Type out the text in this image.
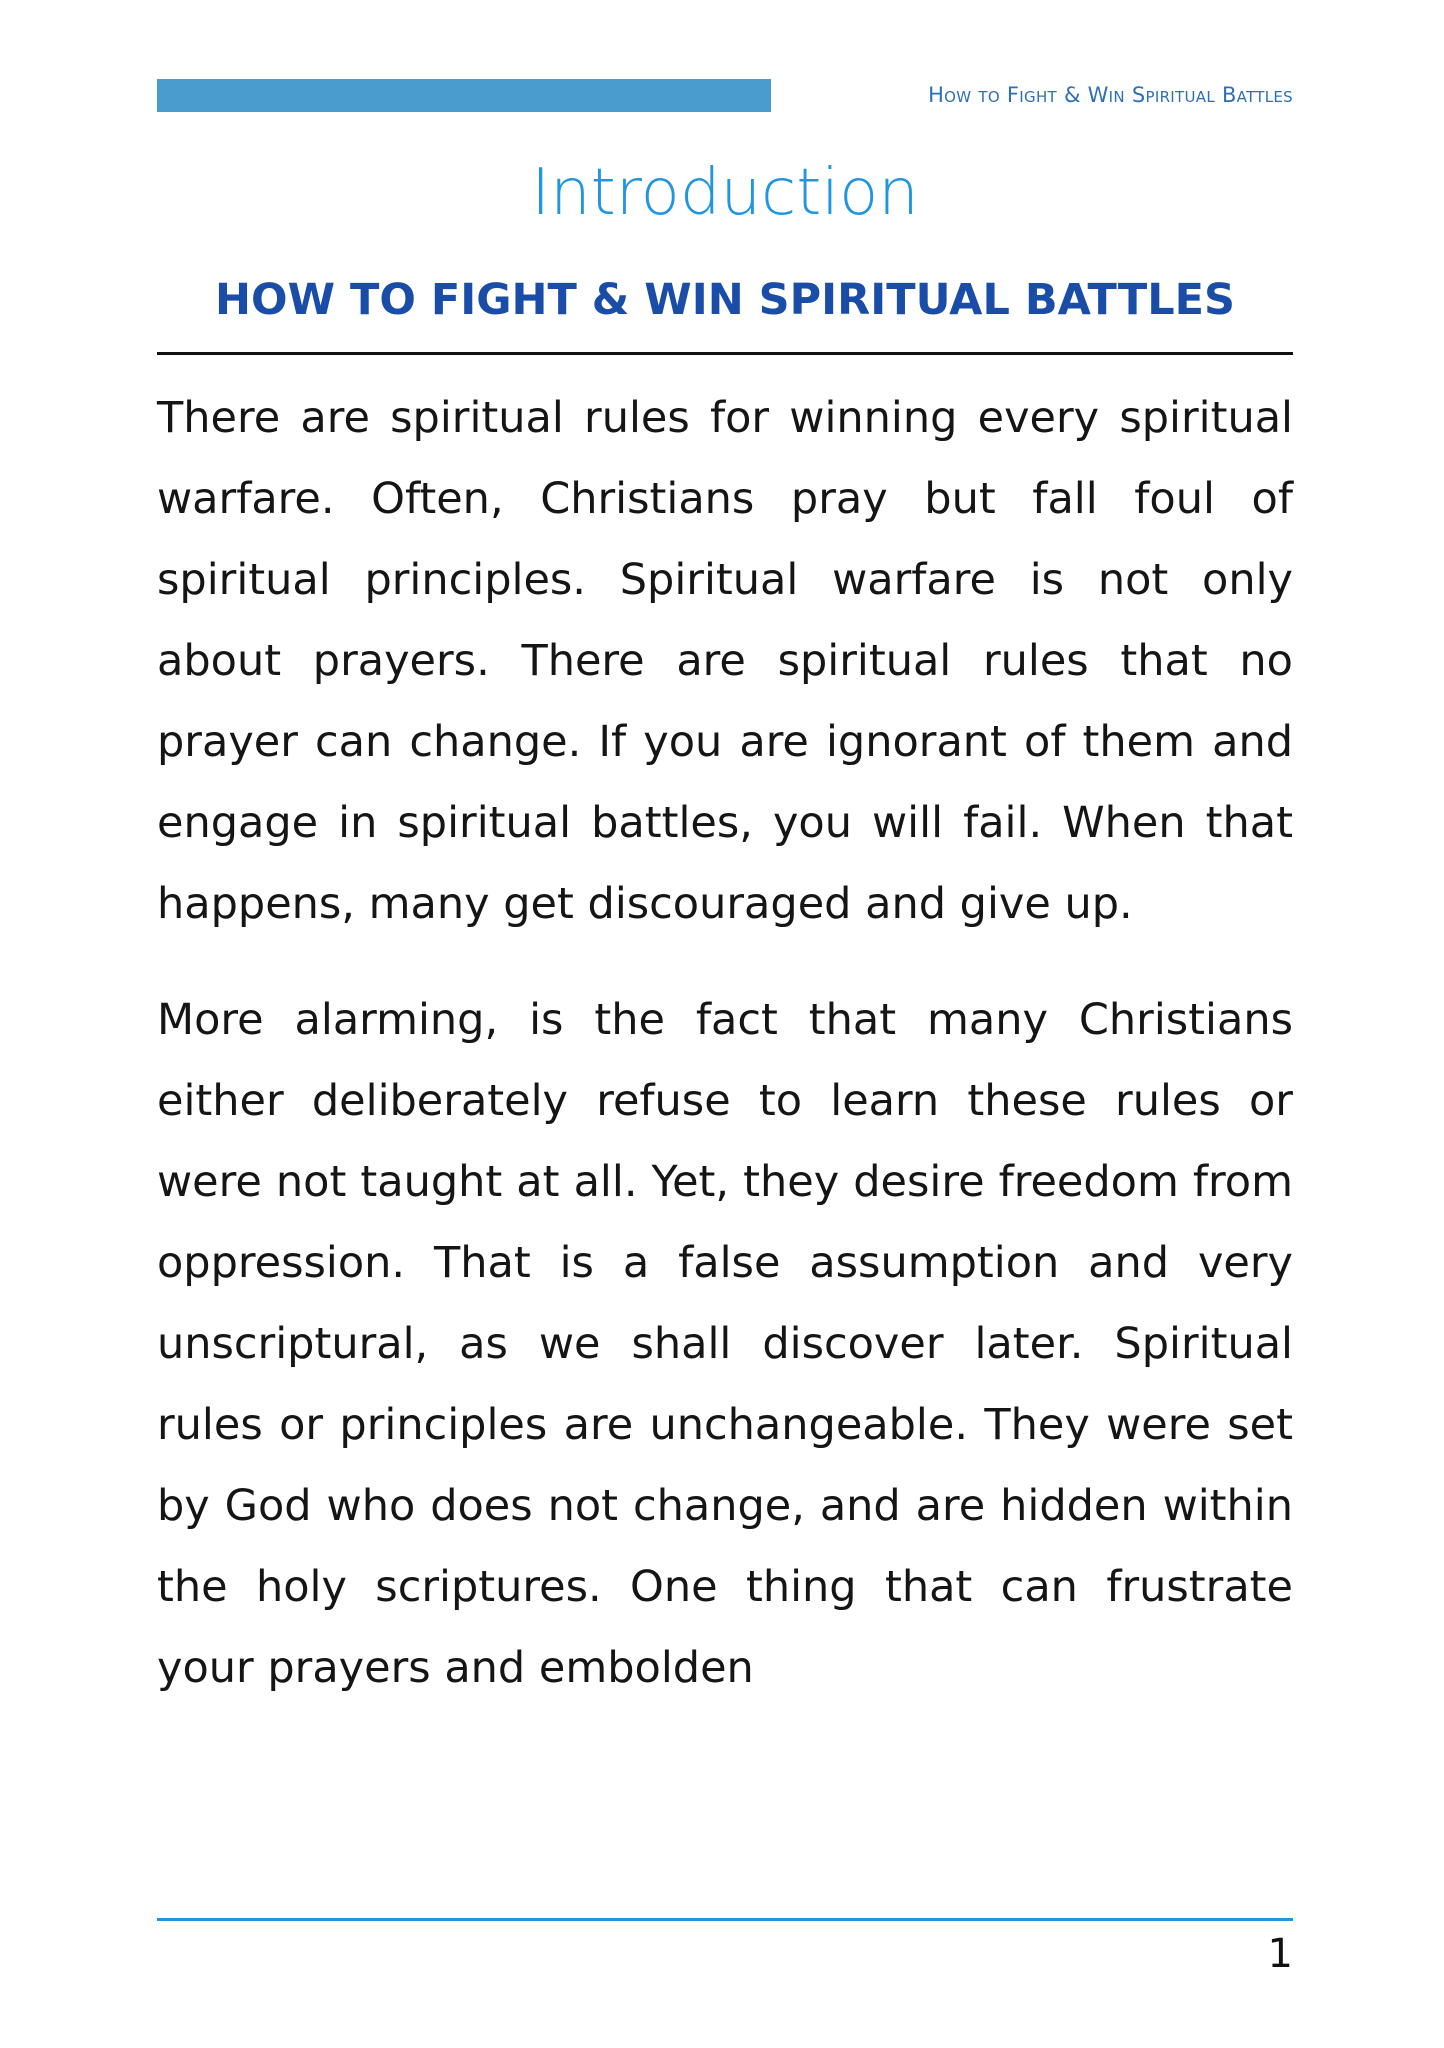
How to Fight & Win Spiritual Battles
Introduction
HOW TO FIGHT & WIN SPIRITUAL BATTLES

There are spiritual rules for winning every spiritual warfare. Often, Christians pray but fall foul of spiritual principles. Spiritual warfare is not only about prayers. There are spiritual rules that no prayer can change. If you are ignorant of them and engage in spiritual battles, you will fail. When that happens, many get discouraged and give up.

More alarming, is the fact that many Christians either deliberately refuse to learn these rules or were not taught at all. Yet, they desire freedom from oppression. That is a false assumption and very unscriptural, as we shall discover later. Spiritual rules or principles are unchangeable. They were set by God who does not change, and are hidden within the holy scriptures. One thing that can frustrate your prayers and embolden

1
